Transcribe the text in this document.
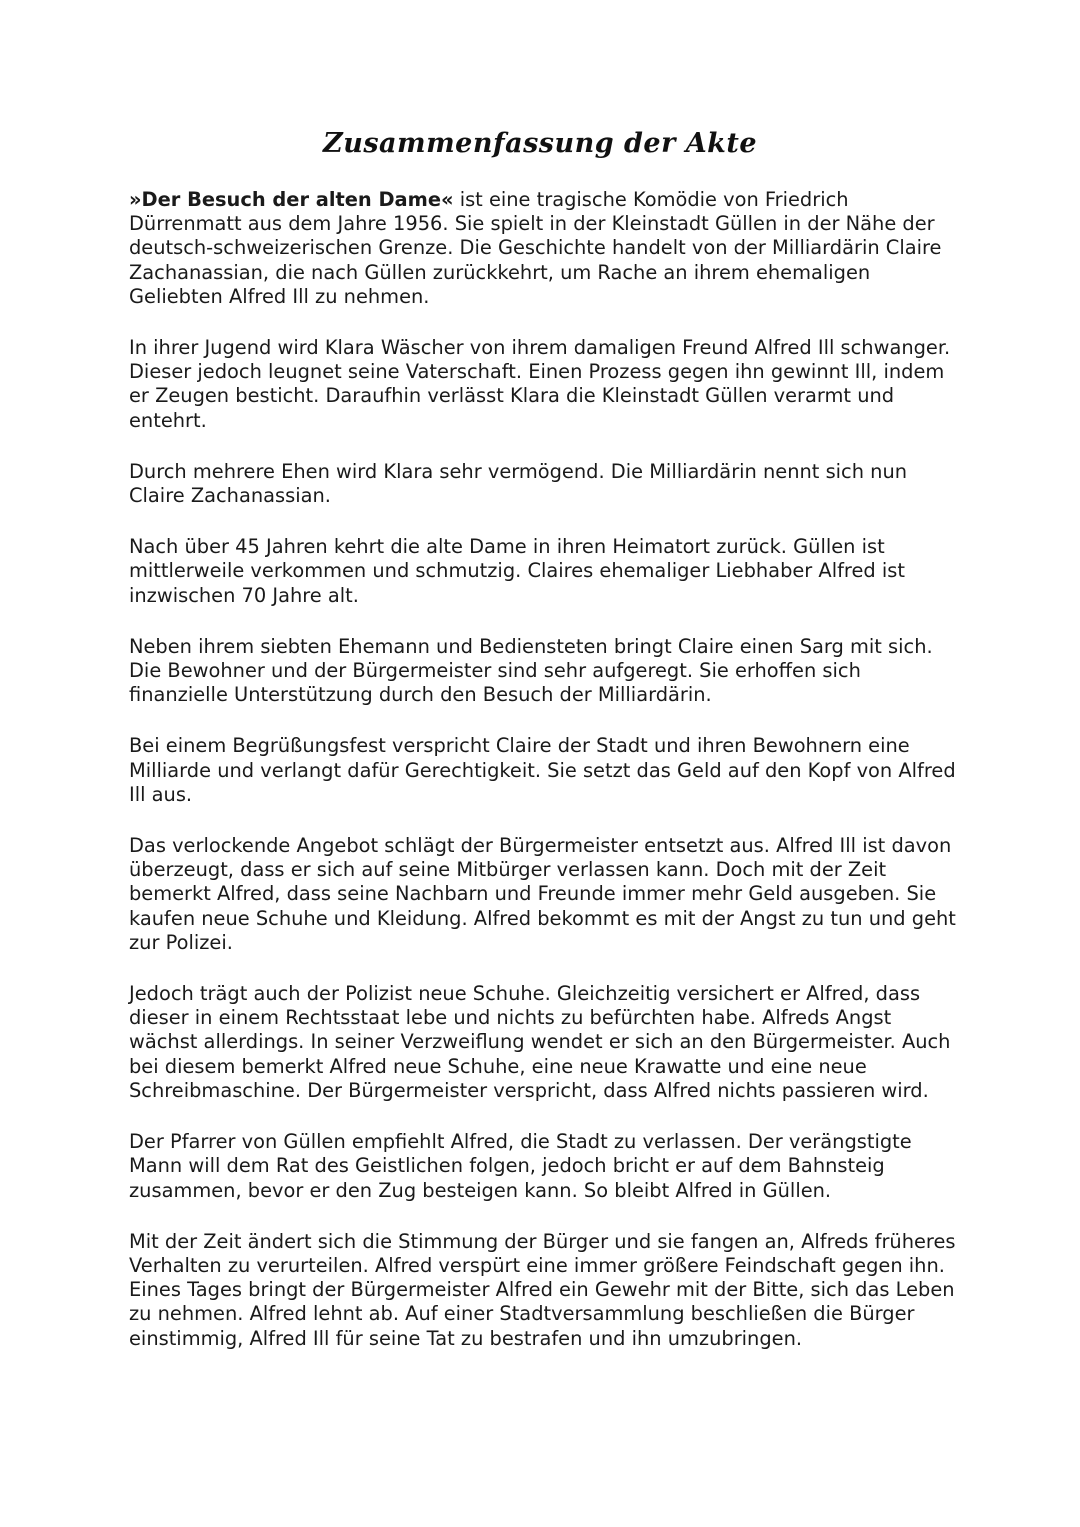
Zusammenfassung der Akte

»Der Besuch der alten Dame« ist eine tragische Komödie von Friedrich Dürrenmatt aus dem Jahre 1956. Sie spielt in der Kleinstadt Güllen in der Nähe der deutsch-schweizerischen Grenze. Die Geschichte handelt von der Milliardärin Claire Zachanassian, die nach Güllen zurückkehrt, um Rache an ihrem ehemaligen Geliebten Alfred Ill zu nehmen.

In ihrer Jugend wird Klara Wäscher von ihrem damaligen Freund Alfred Ill schwanger. Dieser jedoch leugnet seine Vaterschaft. Einen Prozess gegen ihn gewinnt Ill, indem er Zeugen besticht. Daraufhin verlässt Klara die Kleinstadt Güllen verarmt und entehrt.

Durch mehrere Ehen wird Klara sehr vermögend. Die Milliardärin nennt sich nun Claire Zachanassian.

Nach über 45 Jahren kehrt die alte Dame in ihren Heimatort zurück. Güllen ist mittlerweile verkommen und schmutzig. Claires ehemaliger Liebhaber Alfred ist inzwischen 70 Jahre alt.

Neben ihrem siebten Ehemann und Bediensteten bringt Claire einen Sarg mit sich. Die Bewohner und der Bürgermeister sind sehr aufgeregt. Sie erhoffen sich finanzielle Unterstützung durch den Besuch der Milliardärin.

Bei einem Begrüßungsfest verspricht Claire der Stadt und ihren Bewohnern eine Milliarde und verlangt dafür Gerechtigkeit. Sie setzt das Geld auf den Kopf von Alfred Ill aus.

Das verlockende Angebot schlägt der Bürgermeister entsetzt aus. Alfred Ill ist davon überzeugt, dass er sich auf seine Mitbürger verlassen kann. Doch mit der Zeit bemerkt Alfred, dass seine Nachbarn und Freunde immer mehr Geld ausgeben. Sie kaufen neue Schuhe und Kleidung. Alfred bekommt es mit der Angst zu tun und geht zur Polizei.

Jedoch trägt auch der Polizist neue Schuhe. Gleichzeitig versichert er Alfred, dass dieser in einem Rechtsstaat lebe und nichts zu befürchten habe. Alfreds Angst wächst allerdings. In seiner Verzweiflung wendet er sich an den Bürgermeister. Auch bei diesem bemerkt Alfred neue Schuhe, eine neue Krawatte und eine neue Schreibmaschine. Der Bürgermeister verspricht, dass Alfred nichts passieren wird.

Der Pfarrer von Güllen empfiehlt Alfred, die Stadt zu verlassen. Der verängstigte Mann will dem Rat des Geistlichen folgen, jedoch bricht er auf dem Bahnsteig zusammen, bevor er den Zug besteigen kann. So bleibt Alfred in Güllen.

Mit der Zeit ändert sich die Stimmung der Bürger und sie fangen an, Alfreds früheres Verhalten zu verurteilen. Alfred verspürt eine immer größere Feindschaft gegen ihn. Eines Tages bringt der Bürgermeister Alfred ein Gewehr mit der Bitte, sich das Leben zu nehmen. Alfred lehnt ab. Auf einer Stadtversammlung beschließen die Bürger einstimmig, Alfred Ill für seine Tat zu bestrafen und ihn umzubringen.
